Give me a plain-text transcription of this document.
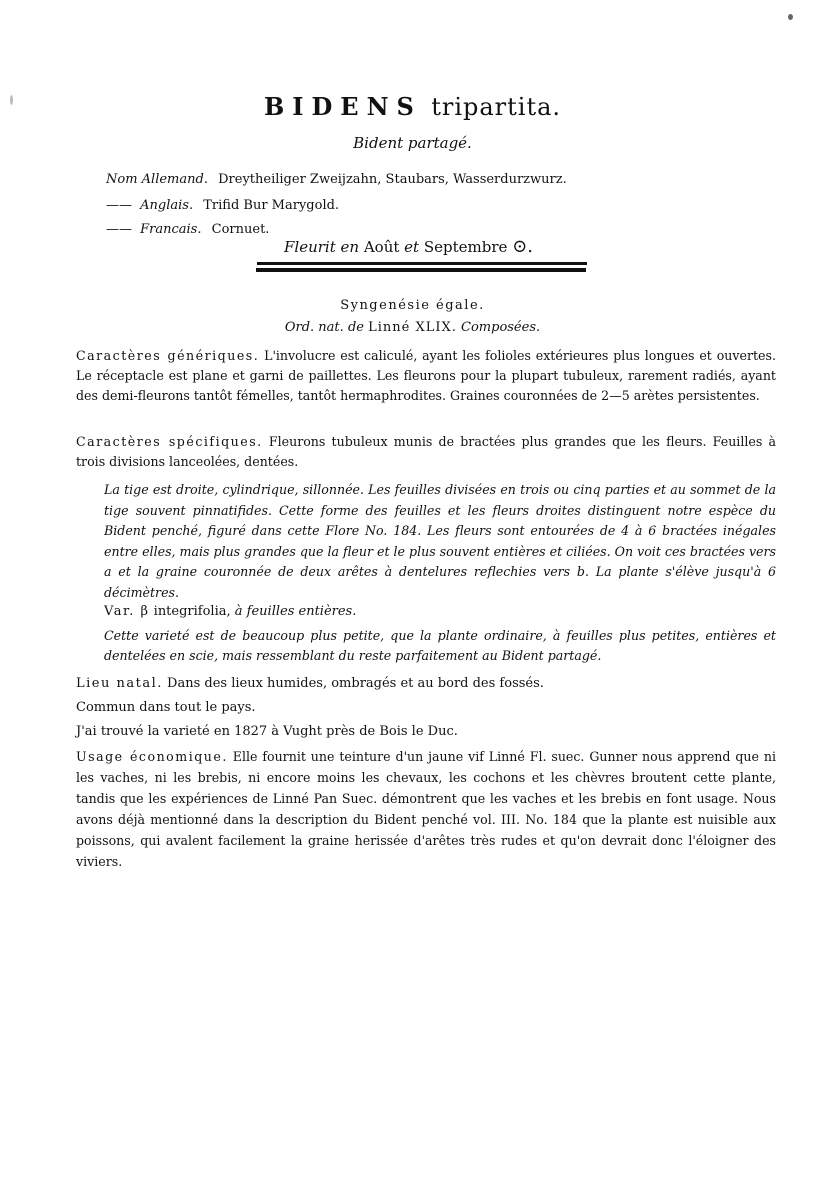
BIDENS tripartita.
Bident partagé.
Nom Allemand. Dreytheiliger Zweijzahn, Staubars, Wasserdurzwurz.
—— Anglais. Trifid Bur Marygold.
—— Francais. Cornuet.
Fleurit en Août et Septembre ⊙.
Syngenésie égale.
Ord. nat. de Linné XLIX. Composées.
Caractères génériques. L'involucre est caliculé, ayant les folioles extérieures plus longues et ouvertes. Le réceptacle est plane et garni de paillettes. Les fleurons pour la plupart tubuleux, rarement radiés, ayant des demi-fleurons tantôt fémelles, tantôt hermaphrodites. Graines couronnées de 2—5 arètes persistentes.
Caractères spécifiques. Fleurons tubuleux munis de bractées plus grandes que les fleurs. Feuilles à trois divisions lanceolées, dentées.
La tige est droite, cylindrique, sillonnée. Les feuilles divisées en trois ou cinq parties et au sommet de la tige souvent pinnatifides. Cette forme des feuilles et les fleurs droites distinguent notre espèce du Bident penché, figuré dans cette Flore No. 184. Les fleurs sont entourées de 4 à 6 bractées inégales entre elles, mais plus grandes que la fleur et le plus souvent entières et ciliées. On voit ces bractées vers a et la graine couronnée de deux arêtes à dentelures reflechies vers b. La plante s'élève jusqu'à 6 décimètres.
Var. β integrifolia, à feuilles entières.
Cette varieté est de beaucoup plus petite, que la plante ordinaire, à feuilles plus petites, entières et dentelées en scie, mais ressemblant du reste parfaitement au Bident partagé.
Lieu natal. Dans des lieux humides, ombragés et au bord des fossés.
Commun dans tout le pays.
J'ai trouvé la varieté en 1827 à Vught près de Bois le Duc.
Usage économique. Elle fournit une teinture d'un jaune vif Linné Fl. suec. Gunner nous apprend que ni les vaches, ni les brebis, ni encore moins les chevaux, les cochons et les chèvres broutent cette plante, tandis que les expériences de Linné Pan Suec. démontrent que les vaches et les brebis en font usage. Nous avons déjà mentionné dans la description du Bident penché vol. III. No. 184 que la plante est nuisible aux poissons, qui avalent facilement la graine herissée d'arêtes très rudes et qu'on devrait donc l'éloigner des viviers.
